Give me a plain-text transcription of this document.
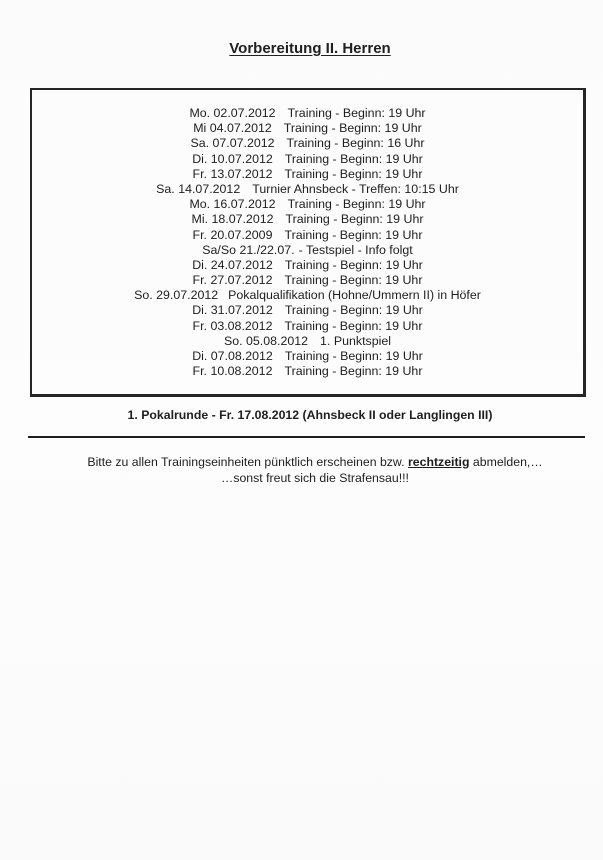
Vorbereitung II. Herren
Mo. 02.07.2012 Training - Beginn: 19 Uhr
Mi 04.07.2012 Training - Beginn: 19 Uhr
Sa. 07.07.2012 Training - Beginn: 16 Uhr
Di. 10.07.2012 Training - Beginn: 19 Uhr
Fr. 13.07.2012 Training - Beginn: 19 Uhr
Sa. 14.07.2012 Turnier Ahnsbeck - Treffen: 10:15 Uhr
Mo. 16.07.2012 Training - Beginn: 19 Uhr
Mi. 18.07.2012 Training - Beginn: 19 Uhr
Fr. 20.07.2009 Training - Beginn: 19 Uhr
Sa/So 21./22.07. - Testspiel - Info folgt
Di. 24.07.2012 Training - Beginn: 19 Uhr
Fr. 27.07.2012 Training - Beginn: 19 Uhr
So. 29.07.2012 Pokalqualifikation (Hohne/Ummern II) in Höfer
Di. 31.07.2012 Training - Beginn: 19 Uhr
Fr. 03.08.2012 Training - Beginn: 19 Uhr
So. 05.08.2012 1. Punktspiel
Di. 07.08.2012 Training - Beginn: 19 Uhr
Fr. 10.08.2012 Training - Beginn: 19 Uhr
1. Pokalrunde - Fr. 17.08.2012 (Ahnsbeck II oder Langlingen III)
Bitte zu allen Trainingseinheiten pünktlich erscheinen bzw. rechtzeitig abmelden,…
…sonst freut sich die Strafensau!!!
